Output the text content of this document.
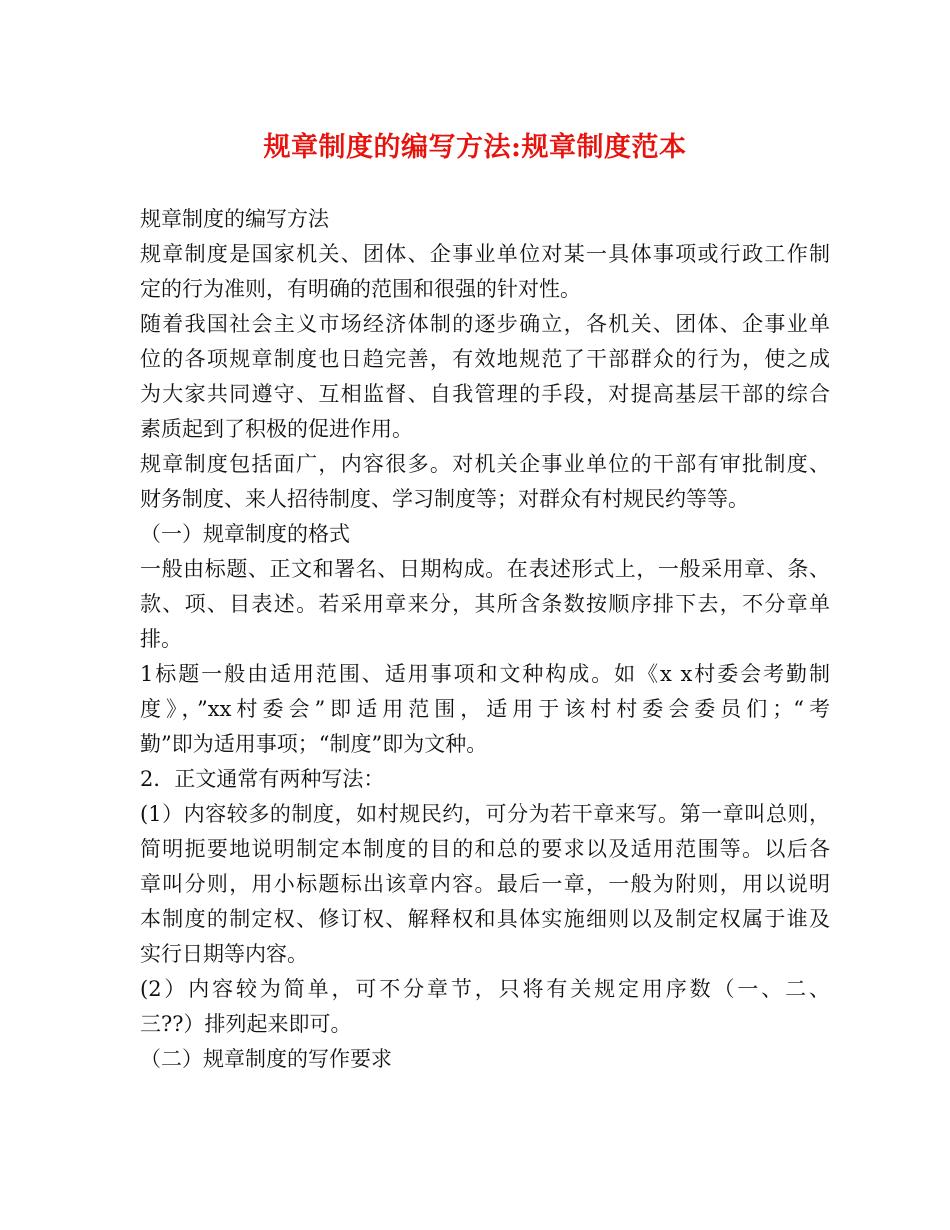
规章制度的编写方法:规章制度范本
规章制度的编写方法
规章制度是国家机关、团体、企事业单位对某一具体事项或行政工作制
定的行为准则，有明确的范围和很强的针对性。
随着我国社会主义市场经济体制的逐步确立，各机关、团体、企事业单
位的各项规章制度也日趋完善，有效地规范了干部群众的行为，使之成
为大家共同遵守、互相监督、自我管理的手段，对提高基层干部的综合
素质起到了积极的促进作用。
规章制度包括面广，内容很多。对机关企事业单位的干部有审批制度、
财务制度、来人招待制度、学习制度等；对群众有村规民约等等。
（一）规章制度的格式
一般由标题、正文和署名、日期构成。在表述形式上，一般采用章、条、
款、项、目表述。若采用章来分，其所含条数按顺序排下去，不分章单
排。
1标题一般由适用范围、适用事项和文种构成。如《x x村委会考勤制
度》，”xx村委会”即适用范围，适用于该村村委会委员们；“考
勤”即为适用事项；“制度”即为文种。
2．正文通常有两种写法：
(1）内容较多的制度，如村规民约，可分为若干章来写。第一章叫总则，
简明扼要地说明制定本制度的目的和总的要求以及适用范围等。以后各
章叫分则，用小标题标出该章内容。最后一章，一般为附则，用以说明
本制度的制定权、修订权、解释权和具体实施细则以及制定权属于谁及
实行日期等内容。
(2）内容较为简单，可不分章节，只将有关规定用序数（一、二、
三??）排列起来即可。
（二）规章制度的写作要求
